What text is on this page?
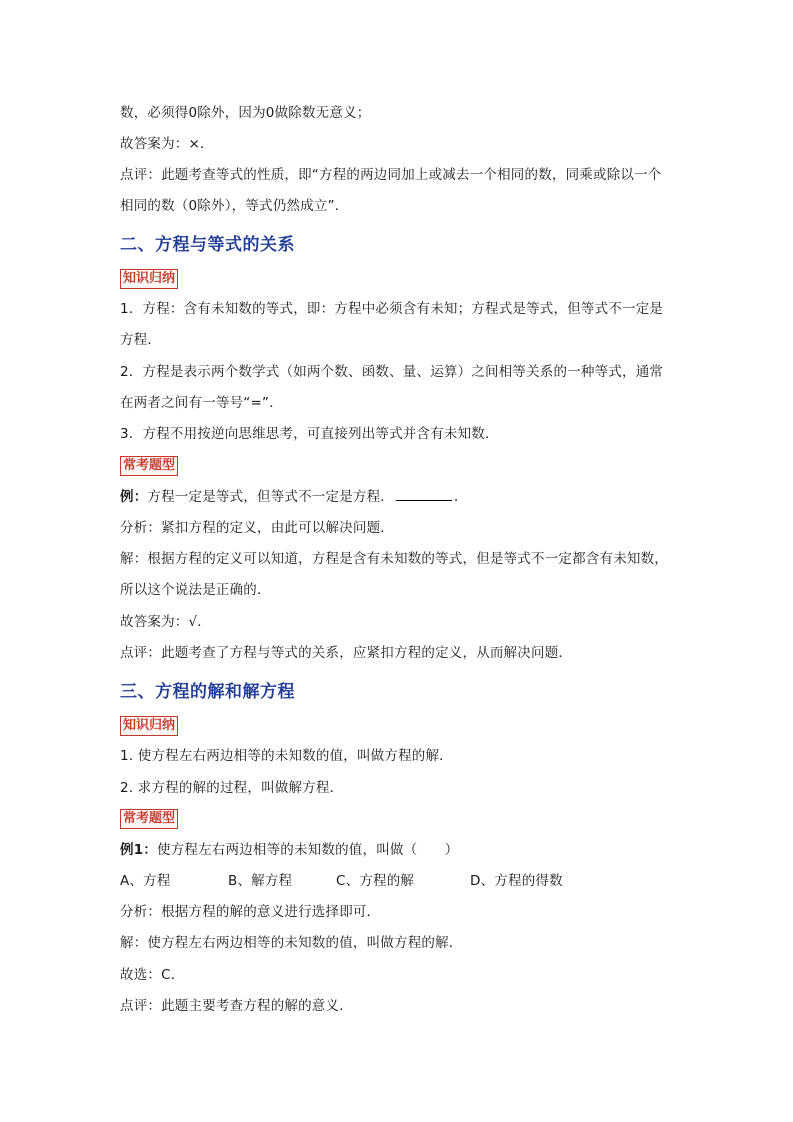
数，必须得0除外，因为0做除数无意义；
故答案为：×．
点评：此题考查等式的性质，即“方程的两边同加上或减去一个相同的数，同乘或除以一个
相同的数（0除外），等式仍然成立”．
二、方程与等式的关系
知识归纳
1．方程：含有未知数的等式，即：方程中必须含有未知；方程式是等式，但等式不一定是
方程．
2．方程是表示两个数学式（如两个数、函数、量、运算）之间相等关系的一种等式，通常
在两者之间有一等号“=”．
3．方程不用按逆向思维思考，可直接列出等式并含有未知数．
常考题型
例：方程一定是等式，但等式不一定是方程．	．
分析：紧扣方程的定义，由此可以解决问题．
解：根据方程的定义可以知道，方程是含有未知数的等式，但是等式不一定都含有未知数，
所以这个说法是正确的．
故答案为：√．
点评：此题考查了方程与等式的关系，应紧扣方程的定义，从而解决问题．
三、方程的解和解方程
知识归纳
1. 使方程左右两边相等的未知数的值，叫做方程的解．
2. 求方程的解的过程，叫做解方程．
常考题型
例1：使方程左右两边相等的未知数的值，叫做（　　）
A、方程	B、解方程	C、方程的解	D、方程的得数
分析：根据方程的解的意义进行选择即可．
解：使方程左右两边相等的未知数的值，叫做方程的解．
故选：C．
点评：此题主要考查方程的解的意义．
